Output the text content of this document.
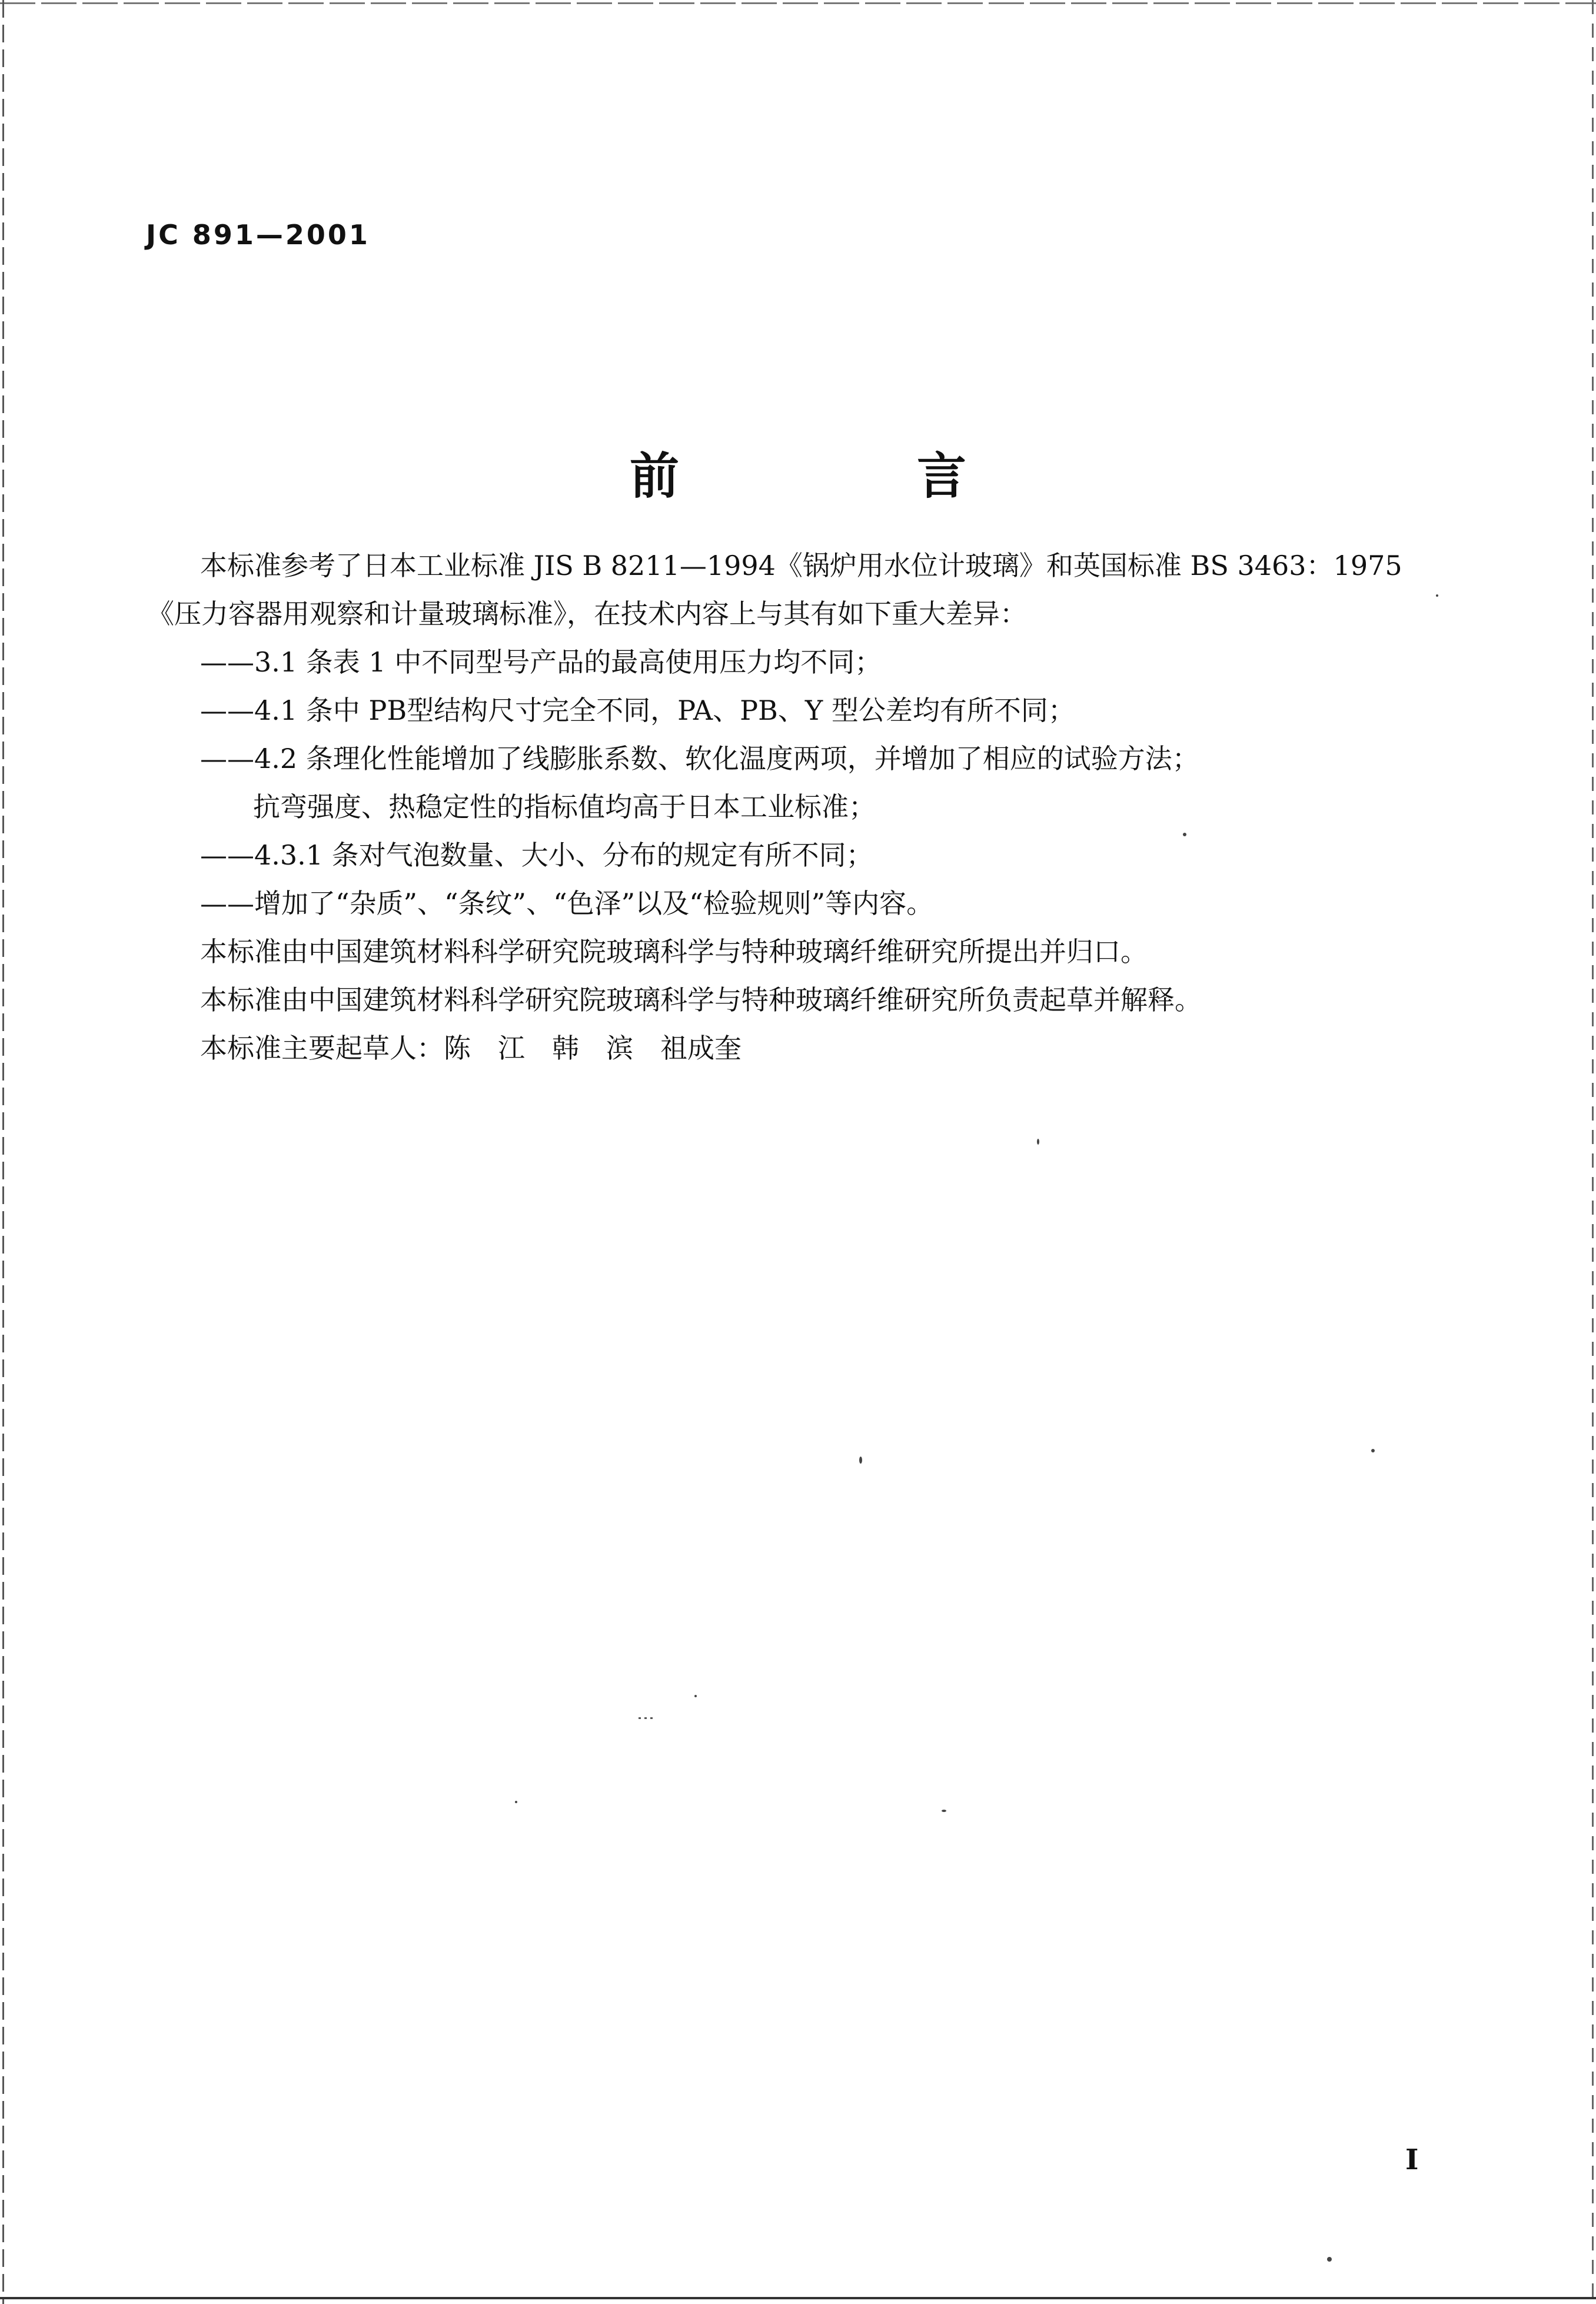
JC 891—2001
前　言

本标准参考了日本工业标准 JIS B 8211—1994《锅炉用水位计玻璃》和英国标准 BS 3463：1975

《压力容器用观察和计量玻璃标准》，在技术内容上与其有如下重大差异：

——3.1 条表 1 中不同型号产品的最高使用压力均不同；

——4.1 条中 PB型结构尺寸完全不同，PA、PB、Y 型公差均有所不同；

——4.2 条理化性能增加了线膨胀系数、软化温度两项，并增加了相应的试验方法；

抗弯强度、热稳定性的指标值均高于日本工业标准；

——4.3.1 条对气泡数量、大小、分布的规定有所不同；

——增加了“杂质”、“条纹”、“色泽”以及“检验规则”等内容。

本标准由中国建筑材料科学研究院玻璃科学与特种玻璃纤维研究所提出并归口。

本标准由中国建筑材料科学研究院玻璃科学与特种玻璃纤维研究所负责起草并解释。

本标准主要起草人：陈　江　韩　滨　祖成奎

I
